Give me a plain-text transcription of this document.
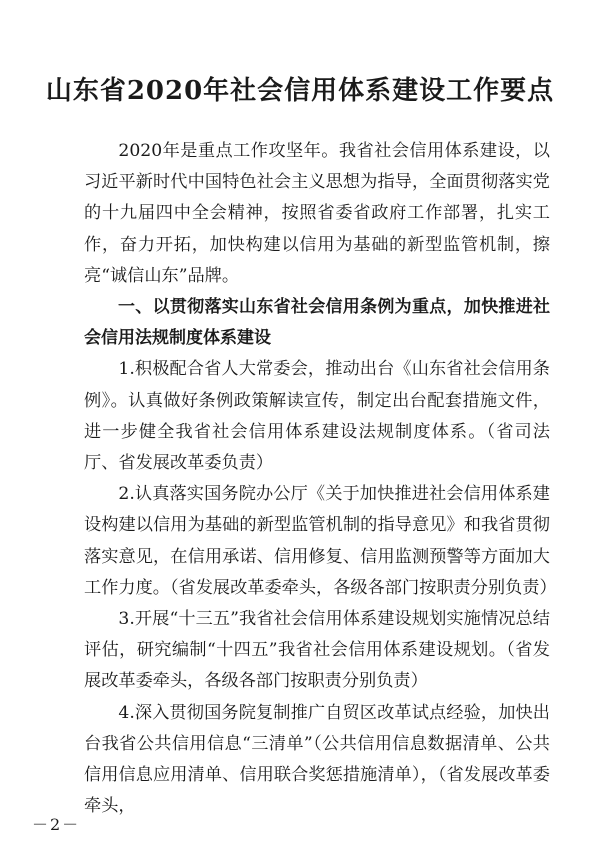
山东省2020年社会信用体系建设工作要点

2020年是重点工作攻坚年。我省社会信用体系建设，以习近平新时代中国特色社会主义思想为指导，全面贯彻落实党的十九届四中全会精神，按照省委省政府工作部署，扎实工作，奋力开拓，加快构建以信用为基础的新型监管机制，擦亮“诚信山东”品牌。

一、以贯彻落实山东省社会信用条例为重点，加快推进社会信用法规制度体系建设

1.积极配合省人大常委会，推动出台《山东省社会信用条例》。认真做好条例政策解读宣传，制定出台配套措施文件，进一步健全我省社会信用体系建设法规制度体系。（省司法厅、省发展改革委负责）

2.认真落实国务院办公厅《关于加快推进社会信用体系建设构建以信用为基础的新型监管机制的指导意见》和我省贯彻落实意见，在信用承诺、信用修复、信用监测预警等方面加大工作力度。（省发展改革委牵头，各级各部门按职责分别负责）

3.开展“十三五”我省社会信用体系建设规划实施情况总结评估，研究编制“十四五”我省社会信用体系建设规划。（省发展改革委牵头，各级各部门按职责分别负责）

4.深入贯彻国务院复制推广自贸区改革试点经验，加快出台我省公共信用信息“三清单”（公共信用信息数据清单、公共信用信息应用清单、信用联合奖惩措施清单），（省发展改革委牵头，

－2－
